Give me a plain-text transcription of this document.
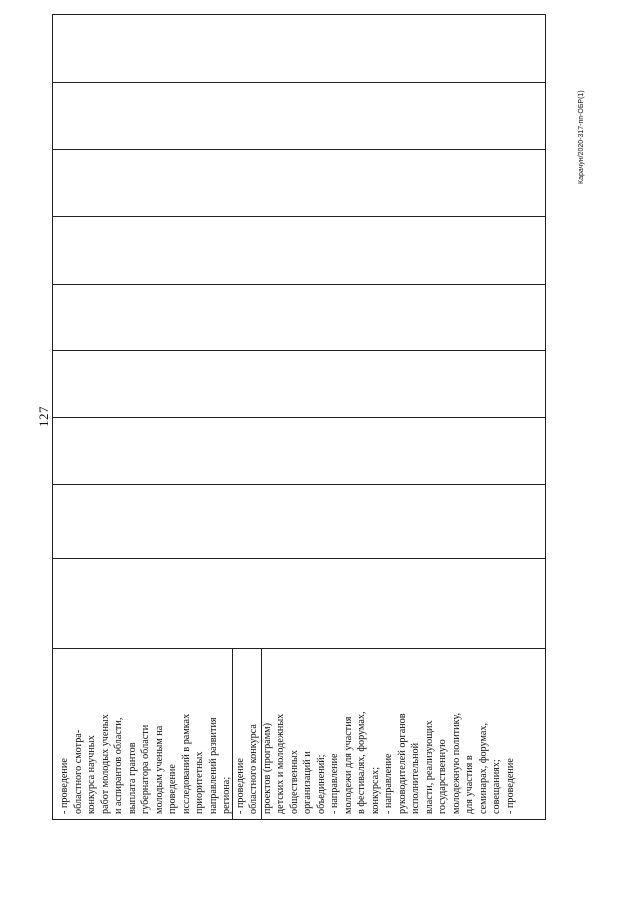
127
Карачун/2020-317-пп-ОБР(1)
- проведение областного смотра- конкурса научных работ молодых ученых и аспирантов области, выплата грантов губернатора области молодым ученым на проведение исследований в рамках приоритетных направлений развития региона; - проведение областного конкурса проектов (программ) детских и молодежных общественных организаций и объединений; - направление молодежи для участия в фестивалях, форумах, конкурсах; - направление руководителей органов исполнительной власти, реализующих государственную молодежную политику, для участия в семинарах, форумах, совещаниях; - проведение
